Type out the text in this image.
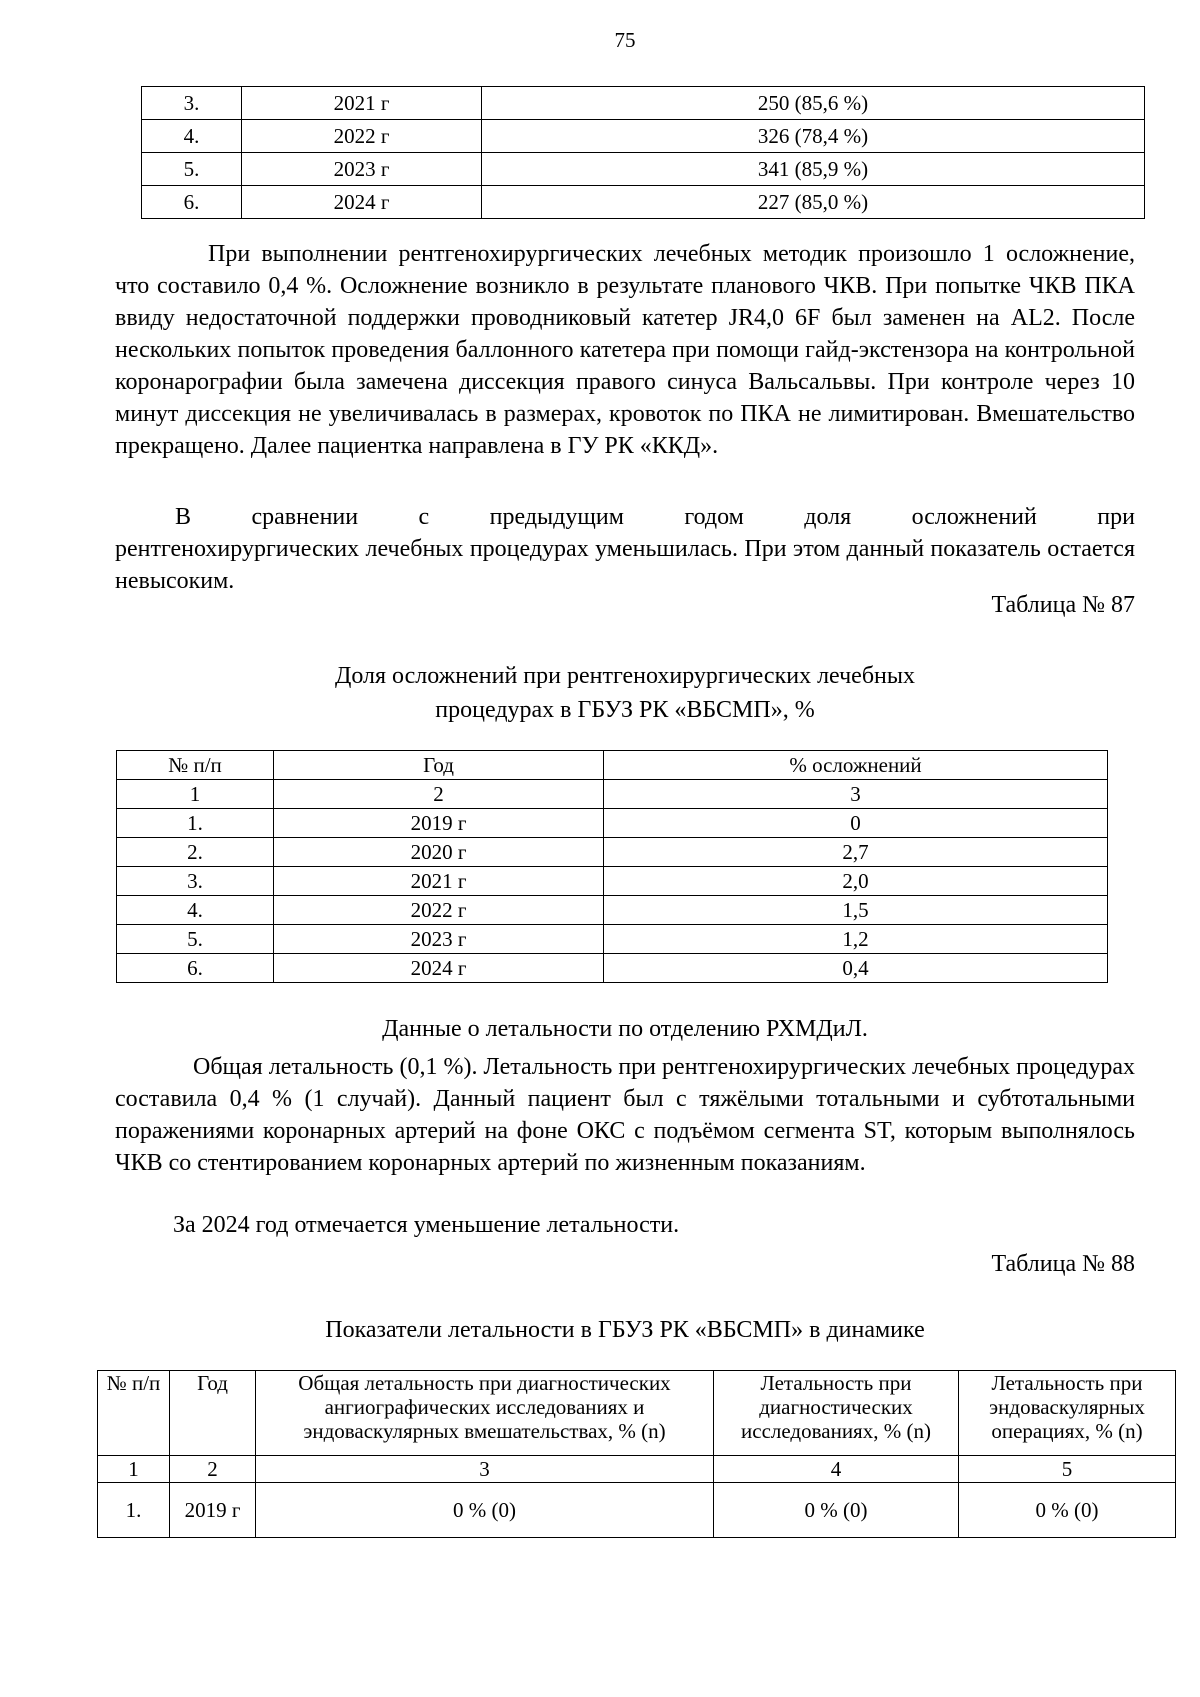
75
3.	2021 г	250 (85,6 %)
4.	2022 г	326 (78,4 %)
5.	2023 г	341 (85,9 %)
6.	2024 г	227 (85,0 %)

При выполнении рентгенохирургических лечебных методик произошло 1 осложнение, что составило 0,4 %. Осложнение возникло в результате планового ЧКВ. При попытке ЧКВ ПКА ввиду недостаточной поддержки проводниковый катетер JR4,0 6F был заменен на AL2. После нескольких попыток проведения баллонного катетера при помощи гайд-экстензора на контрольной коронарографии была замечена диссекция правого синуса Вальсальвы. При контроле через 10 минут диссекция не увеличивалась в размерах, кровоток по ПКА не лимитирован. Вмешательство прекращено. Далее пациентка направлена в ГУ РК «ККД».

В сравнении с предыдущим годом доля осложнений при
рентгенохирургических лечебных процедурах уменьшилась. При этом данный показатель остается невысоким.

Таблица № 87
Доля осложнений при рентгенохирургических лечебных
процедурах в ГБУЗ РК «ВБСМП», %
№ п/п	Год	% осложнений
1	2	3
1.	2019 г	0
2.	2020 г	2,7
3.	2021 г	2,0
4.	2022 г	1,5
5.	2023 г	1,2
6.	2024 г	0,4
Данные о летальности по отделению РХМДиЛ.

Общая летальность (0,1 %). Летальность при рентгенохирургических лечебных процедурах составила 0,4 % (1 случай). Данный пациент был с тяжёлыми тотальными и субтотальными поражениями коронарных артерий на фоне ОКС с подъёмом сегмента ST, которым выполнялось ЧКВ со стентированием коронарных артерий по жизненным показаниям.

За 2024 год отмечается уменьшение летальности.
Таблица № 88
Показатели летальности в ГБУЗ РК «ВБСМП» в динамике
№ п/п	Год	Общая летальность при диагностических ангиографических исследованиях и эндоваскулярных вмешательствах, % (n)	Летальность при диагностических исследованиях, % (n)	Летальность при эндоваскулярных операциях, % (n)
1	2	3	4	5
1.	2019 г	0 % (0)	0 % (0)	0 % (0)
